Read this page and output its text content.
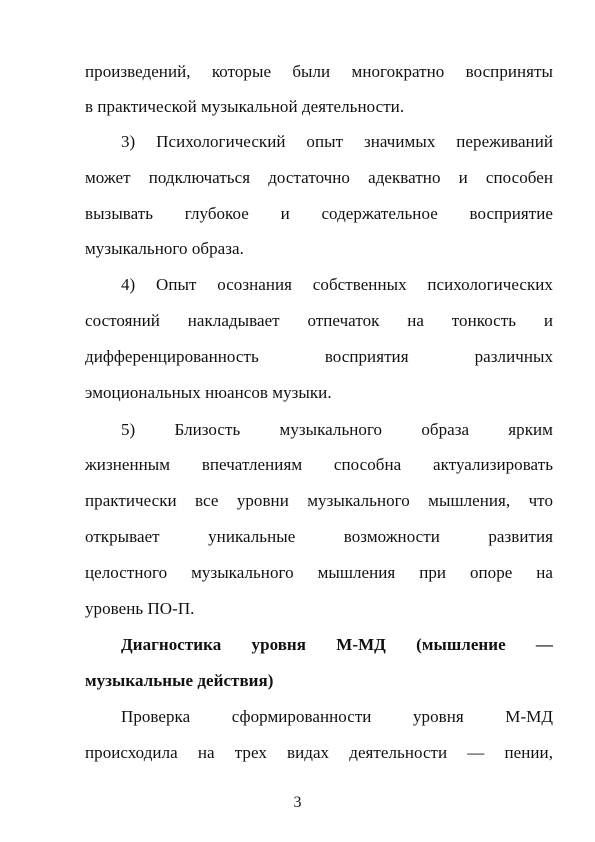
произведений, которые были многократно восприняты
в практической музыкальной деятельности.
3) Психологический опыт значимых переживаний
может подключаться достаточно адекватно и способен
вызывать глубокое и содержательное восприятие
музыкального образа.
4) Опыт осознания собственных психологических
состояний накладывает отпечаток на тонкость и
дифференцированность восприятия различных
эмоциональных нюансов музыки.
5) Близость музыкального образа ярким
жизненным впечатлениям способна актуализировать
практически все уровни музыкального мышления, что
открывает уникальные возможности развития
целостного музыкального мышления при опоре на
уровень ПО-П.
Диагностика уровня М-МД (мышление —
музыкальные действия)
Проверка сформированности уровня М-МД
происходила на трех видах деятельности — пении,
3
